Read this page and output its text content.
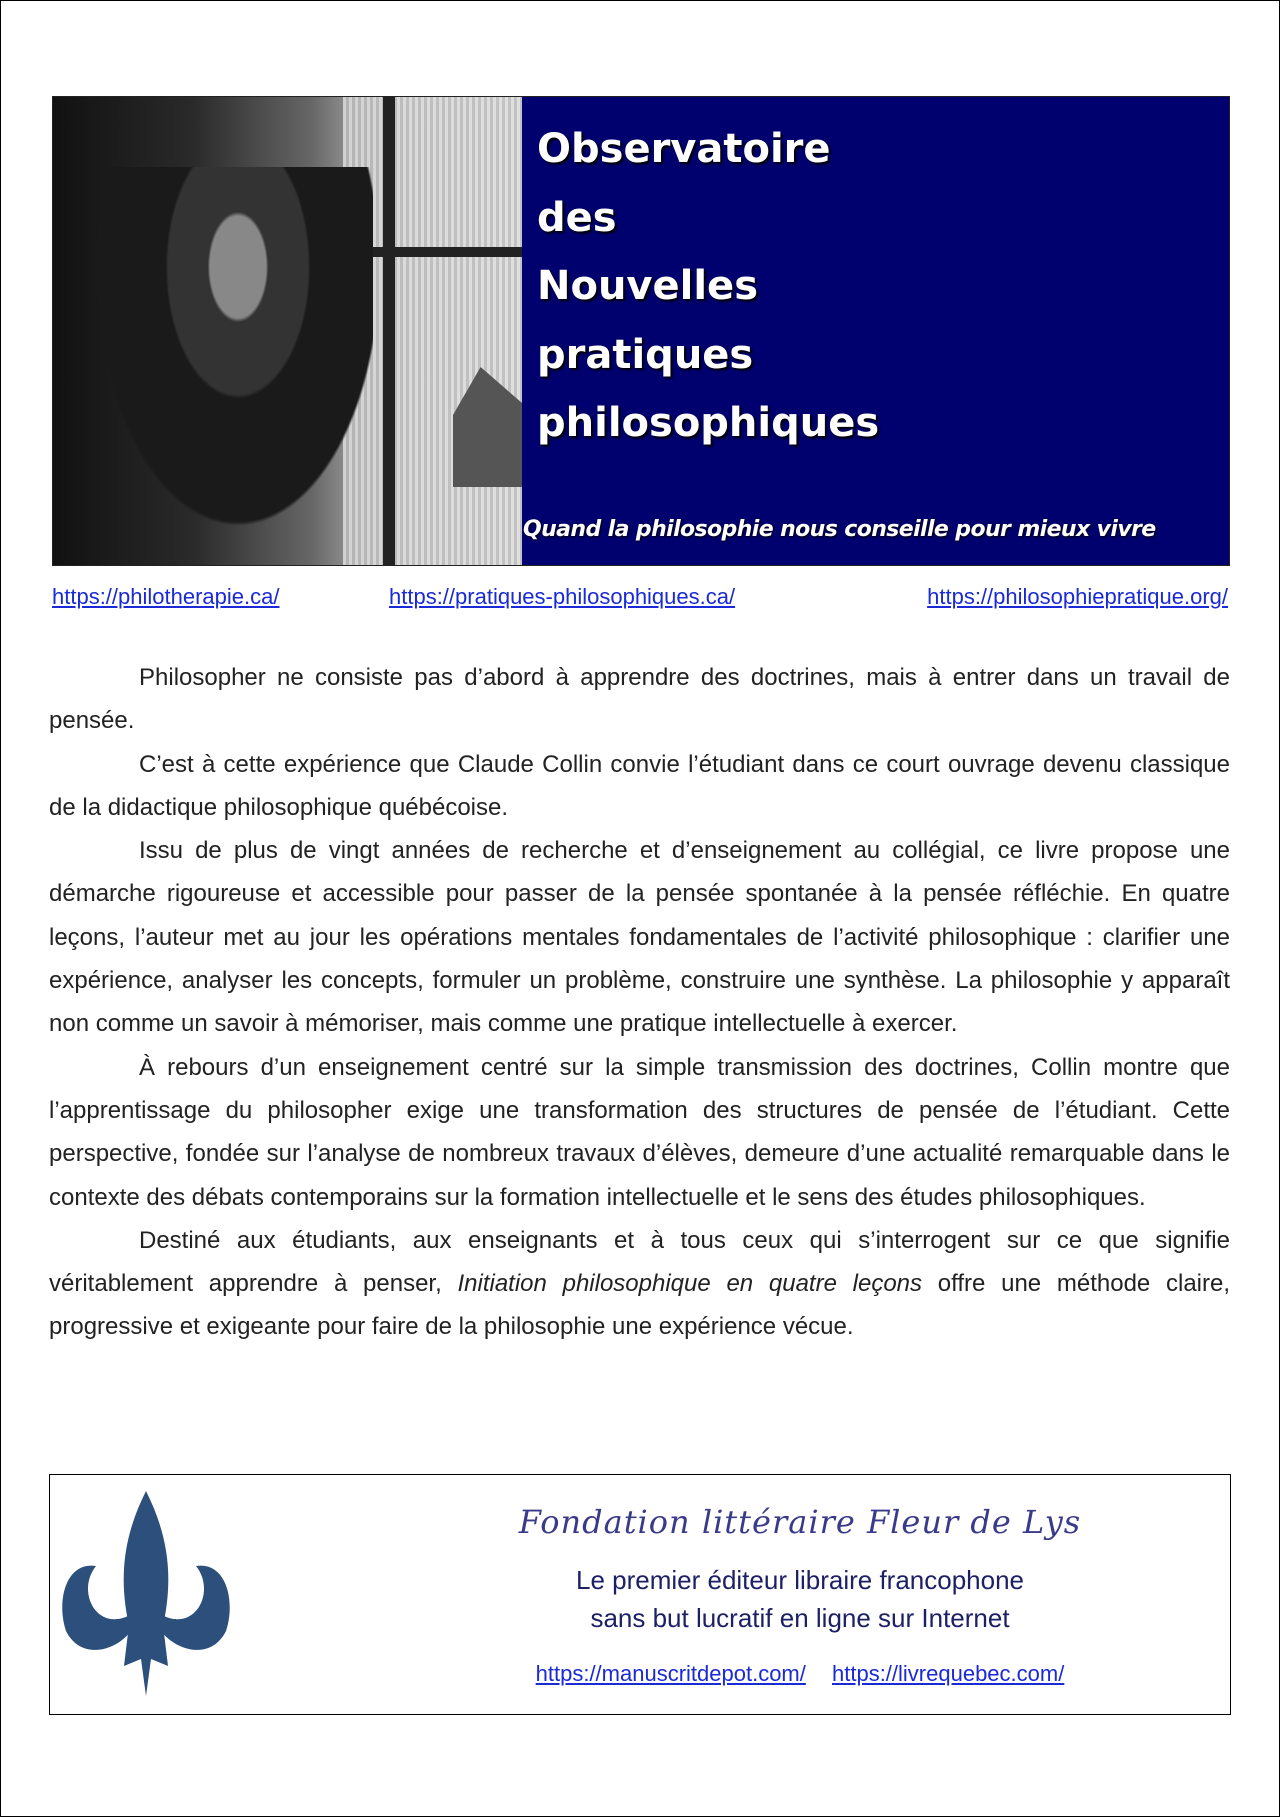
Observatoire
des
Nouvelles
pratiques
philosophiques
Quand la philosophie nous conseille pour mieux vivre
https://philotherapie.ca/	https://pratiques-philosophiques.ca/	https://philosophiepratique.org/

Philosopher ne consiste pas d’abord à apprendre des doctrines, mais à entrer dans un travail de pensée.

C’est à cette expérience que Claude Collin convie l’étudiant dans ce court ouvrage devenu classique de la didactique philosophique québécoise.

Issu de plus de vingt années de recherche et d’enseignement au collégial, ce livre propose une démarche rigoureuse et accessible pour passer de la pensée spontanée à la pensée réfléchie. En quatre leçons, l’auteur met au jour les opérations mentales fondamentales de l’activité philosophique : clarifier une expérience, analyser les concepts, formuler un problème, construire une synthèse. La philosophie y apparaît non comme un savoir à mémoriser, mais comme une pratique intellectuelle à exercer.

À rebours d’un enseignement centré sur la simple transmission des doctrines, Collin montre que l’apprentissage du philosopher exige une transformation des structures de pensée de l’étudiant. Cette perspective, fondée sur l’analyse de nombreux travaux d’élèves, demeure d’une actualité remarquable dans le contexte des débats contemporains sur la formation intellectuelle et le sens des études philosophiques.

Destiné aux étudiants, aux enseignants et à tous ceux qui s’interrogent sur ce que signifie véritablement apprendre à penser, Initiation philosophique en quatre leçons offre une méthode claire, progressive et exigeante pour faire de la philosophie une expérience vécue.

Fondation littéraire Fleur de Lys
Le premier éditeur libraire francophone
sans but lucratif en ligne sur Internet
https://manuscritdepot.com/ https://livrequebec.com/
